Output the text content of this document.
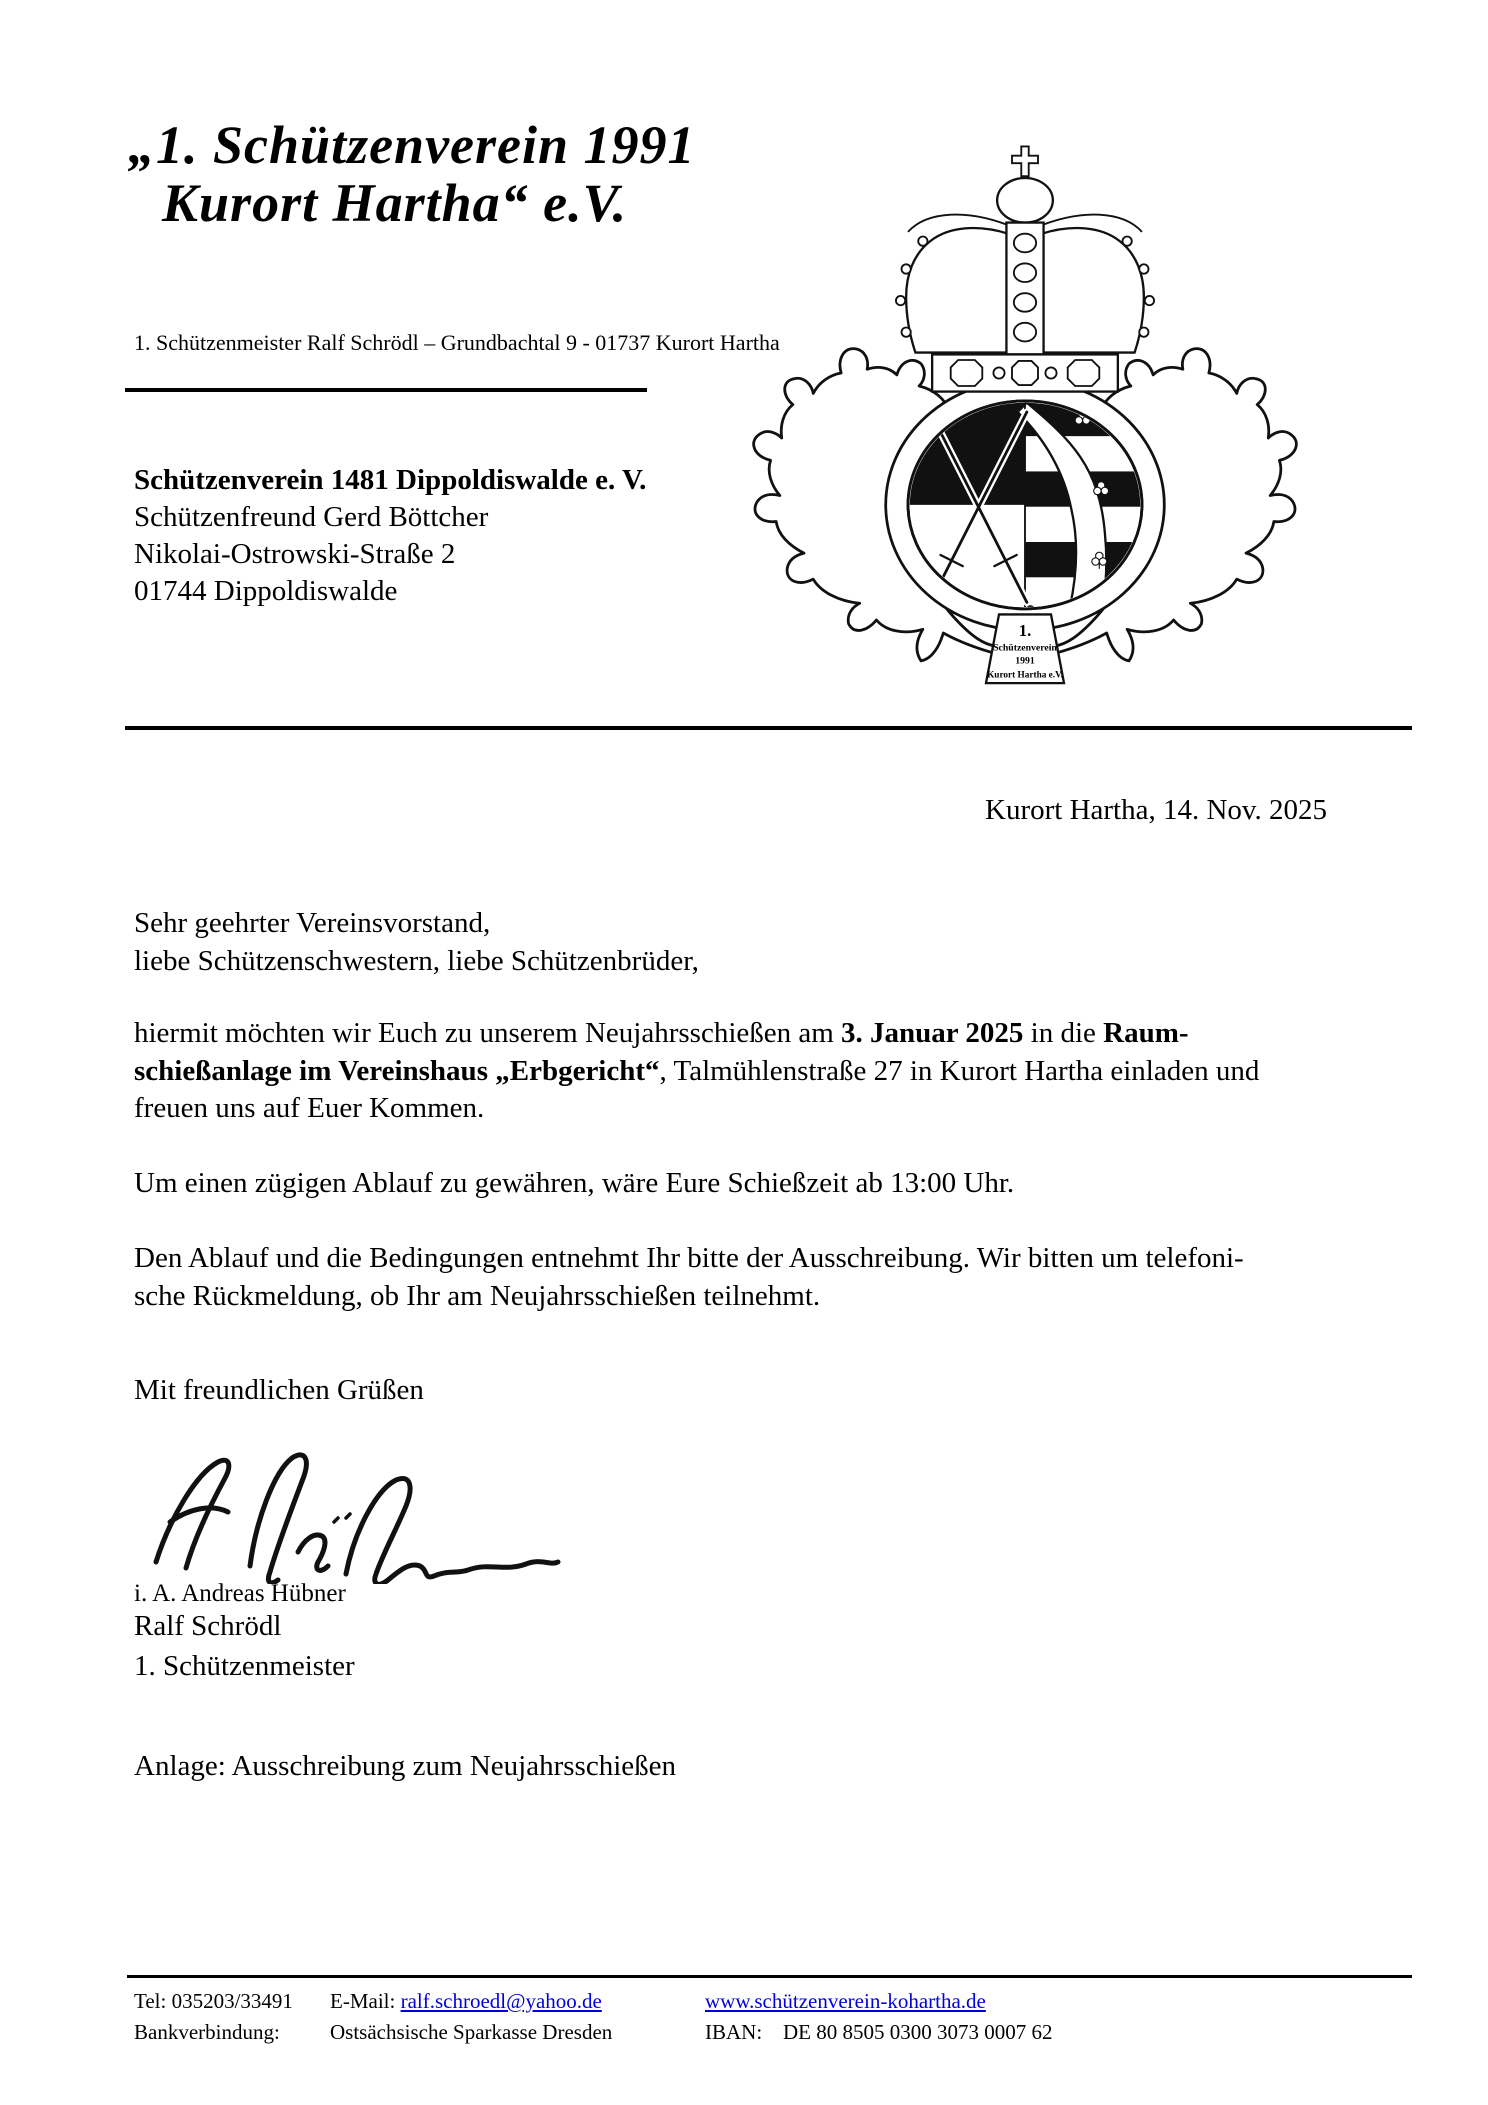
„1. Schützenverein 1991
Kurort Hartha“ e.V.
1. Schützenmeister Ralf Schrödl – Grundbachtal 9 - 01737 Kurort Hartha
1.
Schützenverein
1991
Kurort Hartha e.V.
Schützenverein 1481 Dippoldiswalde e. V.
Schützenfreund Gerd Böttcher
Nikolai-Ostrowski-Straße 2
01744 Dippoldiswalde
Kurort Hartha, 14. Nov. 2025
Sehr geehrter Vereinsvorstand,
liebe Schützenschwestern, liebe Schützenbrüder,
hiermit möchten wir Euch zu unserem Neujahrsschießen am 3. Januar 2025 in die Raum-
schießanlage im Vereinshaus „Erbgericht“, Talmühlenstraße 27 in Kurort Hartha einladen und
freuen uns auf Euer Kommen.
Um einen zügigen Ablauf zu gewähren, wäre Eure Schießzeit ab 13:00 Uhr.
Den Ablauf und die Bedingungen entnehmt Ihr bitte der Ausschreibung. Wir bitten um telefoni-
sche Rückmeldung, ob Ihr am Neujahrsschießen teilnehmt.
Mit freundlichen Grüßen
i. A. Andreas Hübner
Ralf Schrödl
1. Schützenmeister
Anlage: Ausschreibung zum Neujahrsschießen
Tel: 035203/33491 E-Mail: ralf.schroedl@yahoo.de	www.schützenverein-kohartha.de
Bankverbindung: Ostsächsische Sparkasse Dresden	IBAN: DE 80 8505 0300 3073 0007 62
